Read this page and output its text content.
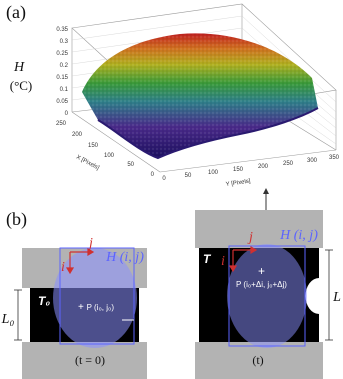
(a)
H
(°C)
0.35
0.3
0.25
0.2
0.15
0.1
0.05
0
250
200
150
100
50
0
X [Pixels]
0	50	100 150 200 250 300 350
Y [Pixels]
(b)
H (i, j)
j
i
T₀
L₀
+ P (i₀, j₀)
(t = 0)
H (i, j)
j
i
T
+
P (i₀+Δi, j₀+Δj)
L
(t)
